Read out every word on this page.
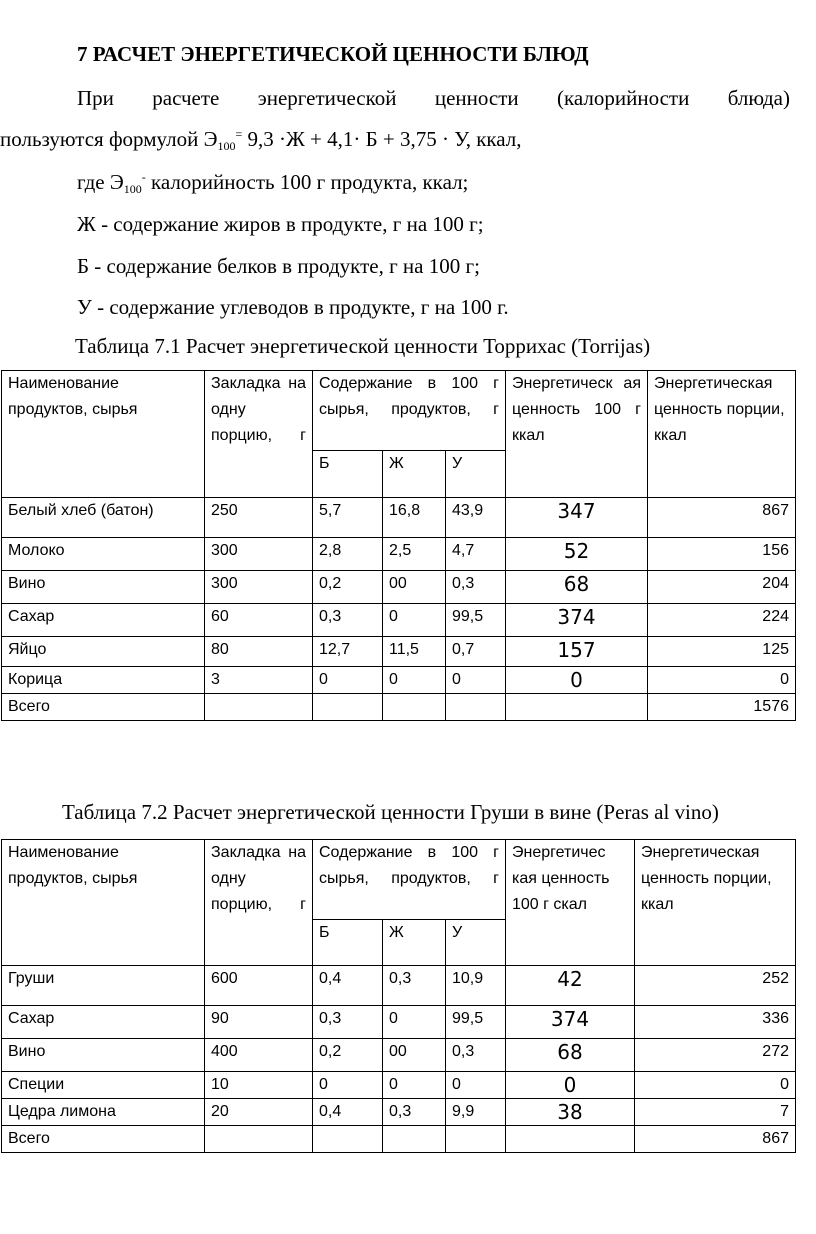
7 РАСЧЕТ ЭНЕРГЕТИЧЕСКОЙ ЦЕННОСТИ БЛЮД
При расчете энергетической ценности (калорийности блюда)
пользуются формулой $Э_{100}^=$ 9,3 ·Ж + 4,1· Б + 3,75 · У, ккал,
где $Э_{100}^-$ калорийность 100 г продукта, ккал;
Ж - содержание жиров в продукте, г на 100 г;
Б - содержание белков в продукте, г на 100 г;
У - содержание углеводов в продукте, г на 100 г.
Таблица 7.1 Расчет энергетической ценности Торрихас (Torrijas)
Наименование продуктов, сырья	Закладка на одну порцию, г	Содержание в 100 г сырья, продуктов, г			Энергетическ ая ценность 100 г ккал	Энергетическая ценность порции, ккал
		Б	Ж	У		
Белый хлеб (батон)	250	5,7	16,8	43,9	347	867
Молоко	300	2,8	2,5	4,7	52	156
Вино	300	0,2	00	0,3	68	204
Сахар	60	0,3	0	99,5	374	224
Яйцо	80	12,7	11,5	0,7	157	125
Корица	3	0	0	0	0	0
Всего						1576
Таблица 7.2 Расчет энергетической ценности Груши в вине (Peras al vino)
Наименование продуктов, сырья	Закладка на одну порцию, г	Содержание в 100 г сырья, продуктов, г			Энергетичес кая ценность 100 г скал	Энергетическая ценность порции, ккал
		Б	Ж	У		
Груши	600	0,4	0,3	10,9	42	252
Сахар	90	0,3	0	99,5	374	336
Вино	400	0,2	00	0,3	68	272
Специи	10	0	0	0	0	0
Цедра лимона	20	0,4	0,3	9,9	38	7
Всего						867
